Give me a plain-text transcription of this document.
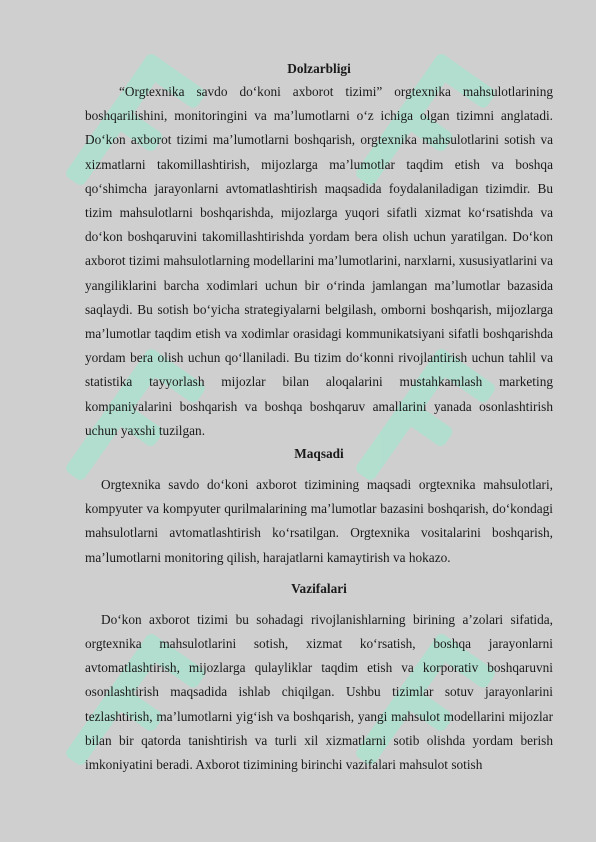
Dolzarbligi

“Orgtexnika savdo do‘koni axborot tizimi” orgtexnika mahsulotlarining boshqarilishini, monitoringini va ma’lumotlarni o‘z ichiga olgan tizimni anglatadi. Do‘kon axborot tizimi ma’lumotlarni boshqarish, orgtexnika mahsulotlarini sotish va xizmatlarni takomillashtirish, mijozlarga ma’lumotlar taqdim etish va boshqa qo‘shimcha jarayonlarni avtomatlashtirish maqsadida foydalaniladigan tizimdir. Bu tizim mahsulotlarni boshqarishda, mijozlarga yuqori sifatli xizmat ko‘rsatishda va do‘kon boshqaruvini takomillashtirishda yordam bera olish uchun yaratilgan. Do‘kon axborot tizimi mahsulotlarning modellarini ma’lumotlarini, narxlarni, xususiyatlarini va yangiliklarini barcha xodimlari uchun bir o‘rinda jamlangan ma’lumotlar bazasida saqlaydi. Bu sotish bo‘yicha strategiyalarni belgilash, omborni boshqarish, mijozlarga ma’lumotlar taqdim etish va xodimlar orasidagi kommunikatsiyani sifatli boshqarishda yordam bera olish uchun qo‘llaniladi. Bu tizim do‘konni rivojlantirish uchun tahlil va statistika tayyorlash mijozlar bilan aloqalarini mustahkamlash marketing kompaniyalarini boshqarish va boshqa boshqaruv amallarini yanada osonlashtirish uchun yaxshi tuzilgan.

Maqsadi

Orgtexnika savdo do‘koni axborot tizimining maqsadi orgtexnika mahsulotlari, kompyuter va kompyuter qurilmalarining ma’lumotlar bazasini boshqarish, do‘kondagi mahsulotlarni avtomatlashtirish ko‘rsatilgan. Orgtexnika vositalarini boshqarish, ma’lumotlarni monitoring qilish, harajatlarni kamaytirish va hokazo.

Vazifalari

Do‘kon axborot tizimi bu sohadagi rivojlanishlarning birining a’zolari sifatida, orgtexnika mahsulotlarini sotish, xizmat ko‘rsatish, boshqa jarayonlarni avtomatlashtirish, mijozlarga qulayliklar taqdim etish va korporativ boshqaruvni osonlashtirish maqsadida ishlab chiqilgan. Ushbu tizimlar sotuv jarayonlarini tezlashtirish, ma’lumotlarni yig‘ish va boshqarish, yangi mahsulot modellarini mijozlar bilan bir qatorda tanishtirish va turli xil xizmatlarni sotib olishda yordam berish imkoniyatini beradi. Axborot tizimining birinchi vazifalari mahsulot sotish
